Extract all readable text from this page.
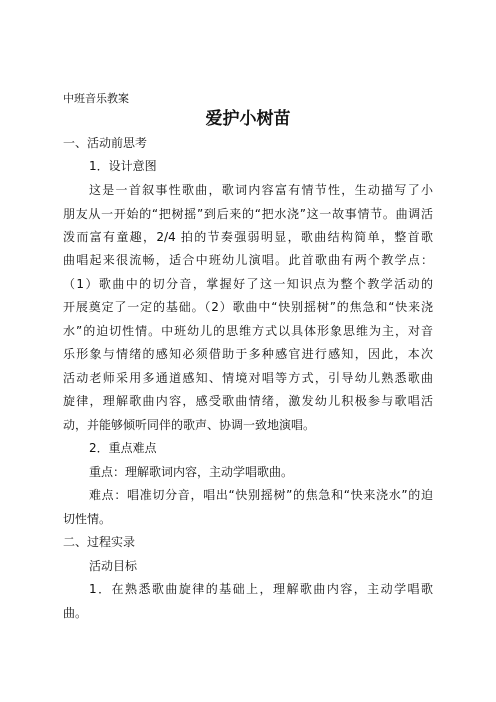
中班音乐教案
爱护小树苗
一、活动前思考
1．设计意图
这是一首叙事性歌曲，歌词内容富有情节性，生动描写了小
朋友从一开始的“把树摇”到后来的“把水浇”这一故事情节。曲调活
泼而富有童趣，2/4 拍的节奏强弱明显，歌曲结构简单，整首歌
曲唱起来很流畅，适合中班幼儿演唱。此首歌曲有两个教学点：
（1）歌曲中的切分音，掌握好了这一知识点为整个教学活动的
开展奠定了一定的基础。（2）歌曲中“快别摇树”的焦急和“快来浇
水”的迫切性情。中班幼儿的思维方式以具体形象思维为主，对音
乐形象与情绪的感知必须借助于多种感官进行感知，因此，本次
活动老师采用多通道感知、情境对唱等方式，引导幼儿熟悉歌曲
旋律，理解歌曲内容，感受歌曲情绪，激发幼儿积极参与歌唱活
动，并能够倾听同伴的歌声、协调一致地演唱。
2．重点难点
重点：理解歌词内容，主动学唱歌曲。
难点：唱准切分音，唱出“快别摇树”的焦急和“快来浇水”的迫
切性情。
二、过程实录
活动目标
1．在熟悉歌曲旋律的基础上，理解歌曲内容，主动学唱歌
曲。
